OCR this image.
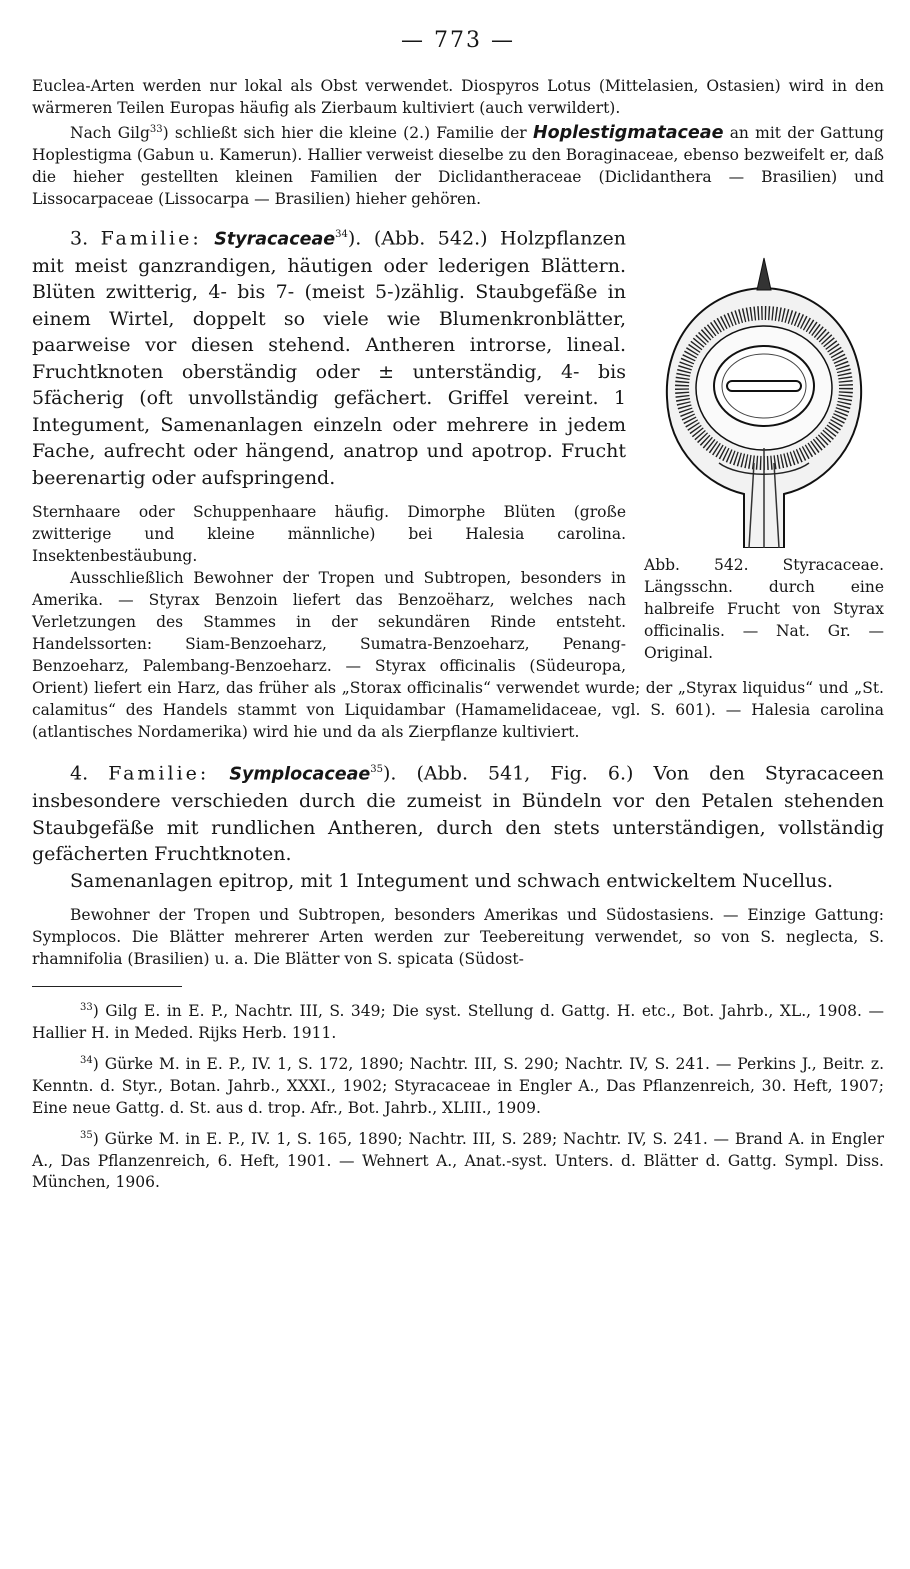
— 773 —

Euclea-Arten werden nur lokal als Obst verwendet. Diospyros Lotus (Mittelasien, Ostasien) wird in den wärmeren Teilen Europas häufig als Zierbaum kultiviert (auch verwildert).

Nach Gilg$^{33}$) schließt sich hier die kleine (2.) Familie der Hoplestigmataceae an mit der Gattung Hoplestigma (Gabun u. Kamerun). Hallier verweist dieselbe zu den Boraginaceae, ebenso bezweifelt er, daß die hieher gestellten kleinen Familien der Diclidantheraceae (Diclidanthera — Brasilien) und Lissocarpaceae (Lissocarpa — Brasilien) hieher gehören.

Abb. 542. Styracaceae. Längsschn. durch eine halbreife Frucht von Styrax officinalis. — Nat. Gr. — Original.

3. Familie: Styracaceae$^{34}$). (Abb. 542.) Holzpflanzen mit meist ganzrandigen, häutigen oder lederigen Blättern. Blüten zwitterig, 4- bis 7- (meist 5-)zählig. Staubgefäße in einem Wirtel, doppelt so viele wie Blumenkronblätter, paarweise vor diesen stehend. Antheren introrse, lineal. Fruchtknoten oberständig oder ± unterständig, 4- bis 5fächerig (oft unvollständig gefächert. Griffel vereint. 1 Integument, Samenanlagen einzeln oder mehrere in jedem Fache, aufrecht oder hängend, anatrop und apotrop. Frucht beerenartig oder aufspringend.

Sternhaare oder Schuppenhaare häufig. Dimorphe Blüten (große zwitterige und kleine männliche) bei Halesia carolina. Insektenbestäubung.

Ausschließlich Bewohner der Tropen und Subtropen, besonders in Amerika. — Styrax Benzoin liefert das Benzoëharz, welches nach Verletzungen des Stammes in der sekundären Rinde entsteht. Handelssorten: Siam-Benzoeharz, Sumatra-Benzoeharz, Penang-Benzoeharz, Palembang-Benzoeharz. — Styrax officinalis (Südeuropa, Orient) liefert ein Harz, das früher als „Storax officinalis“ verwendet wurde; der „Styrax liquidus“ und „St. calamitus“ des Handels stammt von Liquidambar (Hamamelidaceae, vgl. S. 601). — Halesia carolina (atlantisches Nordamerika) wird hie und da als Zierpflanze kultiviert.

4. Familie: Symplocaceae$^{35}$). (Abb. 541, Fig. 6.) Von den Styracaceen insbesondere verschieden durch die zumeist in Bündeln vor den Petalen stehenden Staubgefäße mit rundlichen Antheren, durch den stets unterständigen, vollständig gefächerten Fruchtknoten.

Samenanlagen epitrop, mit 1 Integument und schwach entwickeltem Nucellus.

Bewohner der Tropen und Subtropen, besonders Amerikas und Südostasiens. — Einzige Gattung: Symplocos. Die Blätter mehrerer Arten werden zur Teebereitung verwendet, so von S. neglecta, S. rhamnifolia (Brasilien) u. a. Die Blätter von S. spicata (Südost-

$^{33}$) Gilg E. in E. P., Nachtr. III, S. 349; Die syst. Stellung d. Gattg. H. etc., Bot. Jahrb., XL., 1908. — Hallier H. in Meded. Rijks Herb. 1911.

$^{34}$) Gürke M. in E. P., IV. 1, S. 172, 1890; Nachtr. III, S. 290; Nachtr. IV, S. 241. — Perkins J., Beitr. z. Kenntn. d. Styr., Botan. Jahrb., XXXI., 1902; Styracaceae in Engler A., Das Pflanzenreich, 30. Heft, 1907; Eine neue Gattg. d. St. aus d. trop. Afr., Bot. Jahrb., XLIII., 1909.

$^{35}$) Gürke M. in E. P., IV. 1, S. 165, 1890; Nachtr. III, S. 289; Nachtr. IV, S. 241. — Brand A. in Engler A., Das Pflanzenreich, 6. Heft, 1901. — Wehnert A., Anat.-syst. Unters. d. Blätter d. Gattg. Sympl. Diss. München, 1906.
